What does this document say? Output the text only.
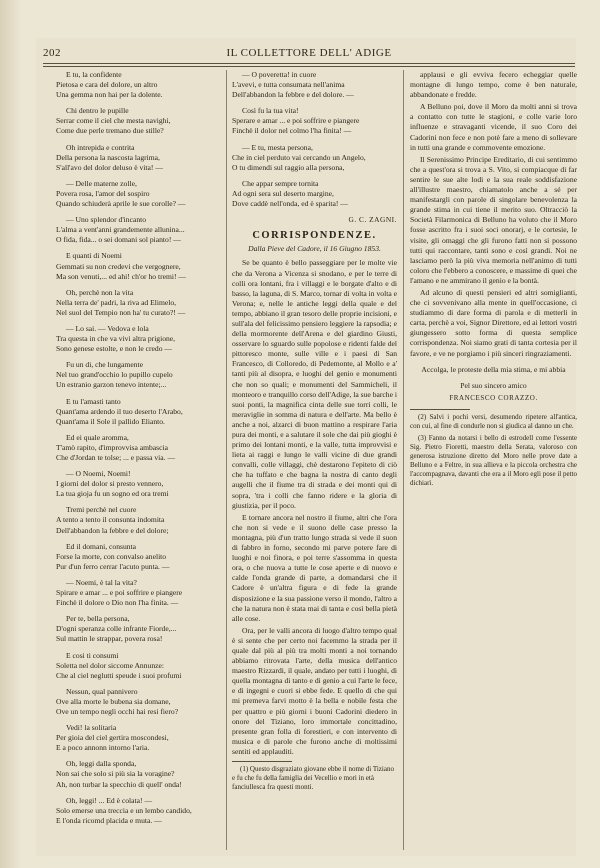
202	IL COLLETTORE DELL' ADIGE
E tu, la confidente
Pietosa e cara del dolore, un altro
Una gemma non hai per la dolente.
Chi dentro le pupille
Serrar come il ciel che mesta navighi,
Come due perle tremano due stille?
Oh intrepida e contrita
Della persona la nascosta lagrima,
S'all'avo del dolor deluso è vita! —
— Delle materne zolle,
Povera rosa, l'amor del sospiro
Quando schiuderà aprile le sue corolle? —
— Uno splendor d'incanto
L'alma a vent'anni grandemente allunina...
O fida, fida... o sei domani sol pianto! —
E quanti di Noemi
Gemmati su non credevi che vergognere,
Ma son venuti,... ed ahi! ch'or ho tremi! —
Oh, perchè non la vita
Nella terra de' padri, la riva ad Elimelo,
Nel suol del Tempio non ha' tu curato?! —
— Lo sai. — Vedova e lola
Tra questa in che va vivi altra prigione,
Sono genese estolte, e non le credo —
Fu un di, che lungamente
Nel tuo grand'occhio lo pupillo cupelo
Un estranio garzon tenevo intente;...
E tu l'amasti tanto
Quant'ama ardendo il tuo deserto l'Arabo,
Quant'ama il Sole il pallido Elianto.
Ed ei quale aromma,
T'amò rapito, d'improvvisa ambascia
Che d'Jordan te tolse; ... e passa via. —
— O Noemi, Noemi!
I giorni del dolor si presto vennero,
La tua gioja fu un sogno ed ora tremi
Tremi perchè nel cuore
A tento a tento il consunta indomita
Dell'abbandon la febbre e del dolore;
Ed il domani, consunta
Forse la morte, con convalso anelito
Pur d'un ferro cerrar l'acuto punta. —
— Noemi, è tal la vita?
Spirare e amar ... e poi soffrire e piangere
Finchè il dolore o Dio non l'ha finita. —
Per te, bella persona,
D'ogni speranza colle infrante Fiorde,...
Sul mattin le strappar, povera rosa!
E cosi ti consumi
Soletta nel dolor siccome Annunze:
Che al ciel neglutti speude i suoi profumi
Nessun, qual pannivero
Ove alla morte le bubena sia domane,
Ove un tempo negli occhi hai resi fiero?
Vedi! la solitaria
Per gioia del ciel gertira moscondesi,
E a poco annonn intorno l'aria.
Oh, leggi dalla sponda,
Non sai che solo si più sia la voragine?
Ah, non turbar la specchio di quell' onda!
Oh, leggi! ... Ed è colata! —
Solo emerse una treccia e un lembo candido,
E l'onda ricomd placida e muta. —
— O poveretta! in cuore
L'avevi, e tutta consumata nell'anima
Dell'abbandon la febbre e del dolore. —
Così fu la tua vita!
Sperare e amar ... e poi soffrire e piangere
Finchè il dolor nel colmo l'ha finita! —
— E tu, mesta persona,
Che in ciel perduto vai cercando un Angelo,
O tu dimendi sul raggio alla persona,
Che appar sempre tornita
Ad ogni sera sul deserto margine,
Dove caddè nell'onda, ed è sparita! —
G. C. ZAGNI.
CORRISPONDENZE.
Dalla Pieve del Cadore, il 16 Giugno 1853.

Se be quanto è bello passeggiare per le molte vie che da Verona a Vicenza si snodano, e per le terre di colli ora lontani, fra i villaggi e le borgate d'alto e di basso, la laguna, di S. Marco, tornar di volta in volta e Verona; e, nelle le antiche leggi della quale e del tempo, abbiano il gran tesoro delle proprie incisioni, e sull'ala del felicissimo pensiero leggiere la rapsodia; e della mormorente dell'Arena e del giardino Giusti, osservare lo sguardo sulle popolose e ridenti falde del pittoresco monte, sulle ville e i paesi di San Francesco, di Colloredo, di Pedemonte, al Mollo e a' tanti più al disopra, e luoghi del genio e monumenti che non so quali; e monumenti del Sammicheli, il monteoro e tranquillo corso dell'Adige, la sue barche i suoi ponti, la magnifica cinta delle sue torri colli, le meraviglie in somma di natura e dell'arte. Ma bello è anche a noi, alzarci di buon mattino a respirare l'aria pura dei monti, e a salutare il sole che dai più gioghi è primo dei lontani monti, e la valle, tutta improvvisi e lieta ai raggi e lungo le valli vicine di due grandi convalli, colle villaggi, chè destarono l'epiteto di ciò che ha tuffato e che bagna la nostra di canto degli augelli che il fiume tra di strada e dei monti qui di sopra, 'tra i colli che fanno ridere e la gloria di giustizia, per il poco.

E tornare ancora nel nostro il fiume, altri che l'ora che non si vede e il suono delle case presso la montagna, più d'un tratto lungo strada si vede il suon di fabbro in forno, secondo mi parve potere fare di luoghi e noi finora, e poi terre s'assomma in questa ora, o che nuova a tutte le cose aperte e di nuovo e calde l'onda grande di parte, a domandarsi che il Cadore è un'altra figura e di fede la grande disposizione e la sua passione verso il mondo, l'altro a che la natura non è stata mai di tanta e così bella pietà alle cose.

Ora, per le valli ancora di luogo d'altro tempo qual è si sente che per certo noi facemmo la strada per il quale dal più al più tra molti monti a noi tornando abbiamo ritrovata l'arte, della musica dell'antico maestro Rizzardi, il quale, andato per tutti i luoghi, di quella montagna di tanto e di genio a cui l'arte le fece, e di ingegni e cuori si ebbe fede. E quello di che qui mi premeva farvi motto è la bella e nobile festa che per quattro e più giorni i buoni Cadorini diedero in onore del Tiziano, loro immortale concittadino, presente gran folla di forestieri, e con intervento di musica e di parole che furono anche di moltissimi sentiti ed applauditi.

(1) Questo disgraziato giovane ebbe il nome di Tiziano e fu che fu della famiglia dei Vecellio e mori in età fanciullesca fra questi monti.

applausi e gli evviva fecero echeggiar quelle montagne di lungo tempo, come è ben naturale, abbandonate e fredde.

A Belluno poi, dove il Moro da molti anni si trova a contatto con tutte le stagioni, e colle varie loro influenze e stravaganti vicende, il suo Coro dei Cadorini non fece e non potè fare a meno di sollevare in tutti una grande e commovente emozione.

Il Serenissimo Principe Ereditario, di cui sentimmo che a quest'ora si trova a S. Vito, si compiacque di far sentire le sue alte lodi e la sua reale soddisfazione all'illustre maestro, chiamatolo anche a sé per manifestargli con parole di singolare benevolenza la grande stima in cui tiene il merito suo. Oltracciò la Società Filarmonica di Belluno ha voluto che il Moro fosse ascritto fra i suoi soci onorarj, e le cortesie, le visite, gli omaggi che gli furono fatti non si possono tutti qui raccontare, tanti sono e così grandi. Noi ne lasciamo però la più viva memoria nell'animo di tutti coloro che l'ebbero a conoscere, e massime di quei che l'amano e ne ammirano il genio e la bontà.

Ad alcuno di questi pensieri ed altri somiglianti, che ci sovvenivano alla mente in quell'occasione, ci studiammo di dare forma di parola e di metterli in carta, perchè a voi, Signor Direttore, ed ai lettori vostri giungessero sotto forma di questa semplice corrispondenza. Noi siamo grati di tanta cortesia per il favore, e ve ne porgiamo i più sinceri ringraziamenti.

Accolga, le proteste della mia stima, e mi abbia
Pel suo sincero amico
FRANCESCO CORAZZO.

(2) Salvi i pochi versi, desumendo ripetere all'antica, con cui, al fine di condurle non si giudica al danno un che.

(3) Fanno da notarsi i bello di estrodell come l'essente Sig. Pietro Fioretti, maestro della Serata, valoroso con generosa istruzione diretto del Moro nelle prove date a Belluno e a Feltre, in sua allieva e la piccola orchestra che l'accompagnava, davanti che era a il Moro egli pose il petto dichiarì.
